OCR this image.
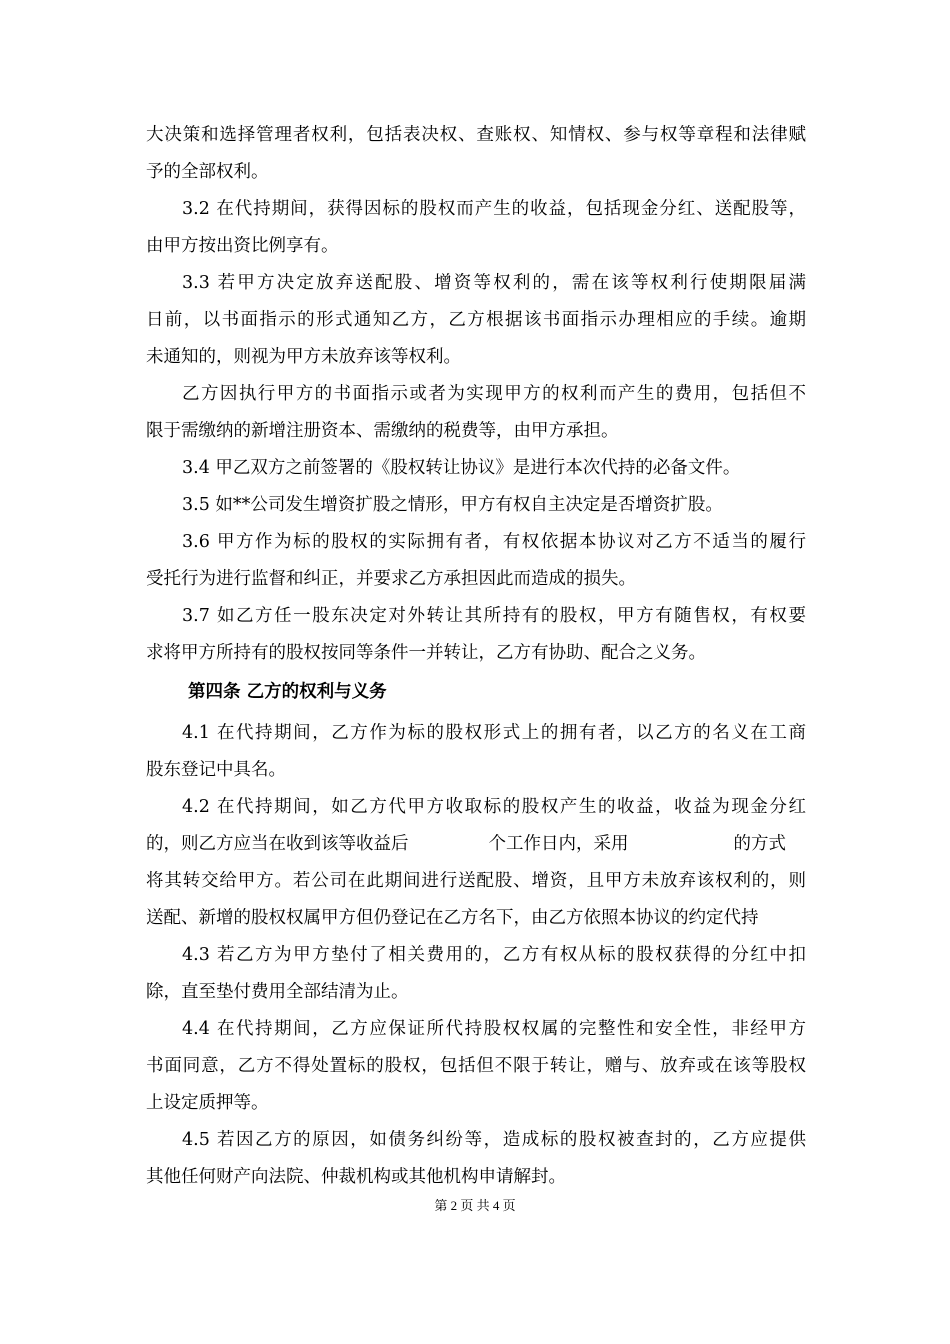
大决策和选择管理者权利，包括表决权、查账权、知情权、参与权等章程和法律赋
予的全部权利。
3.2 在代持期间，获得因标的股权而产生的收益，包括现金分红、送配股等，
由甲方按出资比例享有。
3.3 若甲方决定放弃送配股、增资等权利的，需在该等权利行使期限届满
日前，以书面指示的形式通知乙方，乙方根据该书面指示办理相应的手续。逾期
未通知的，则视为甲方未放弃该等权利。
乙方因执行甲方的书面指示或者为实现甲方的权利而产生的费用，包括但不
限于需缴纳的新增注册资本、需缴纳的税费等，由甲方承担。
3.4 甲乙双方之前签署的《股权转让协议》是进行本次代持的必备文件。
3.5 如**公司发生增资扩股之情形，甲方有权自主决定是否增资扩股。
3.6 甲方作为标的股权的实际拥有者，有权依据本协议对乙方不适当的履行
受托行为进行监督和纠正，并要求乙方承担因此而造成的损失。
3.7 如乙方任一股东决定对外转让其所持有的股权，甲方有随售权，有权要
求将甲方所持有的股权按同等条件一并转让，乙方有协助、配合之义务。
第四条 乙方的权利与义务
4.1 在代持期间，乙方作为标的股权形式上的拥有者，以乙方的名义在工商
股东登记中具名。
4.2 在代持期间，如乙方代甲方收取标的股权产生的收益，收益为现金分红
的，则乙方应当在收到该等收益后	个工作日内，采用	的方式
将其转交给甲方。若公司在此期间进行送配股、增资，且甲方未放弃该权利的，则
送配、新增的股权权属甲方但仍登记在乙方名下，由乙方依照本协议的约定代持
4.3 若乙方为甲方垫付了相关费用的，乙方有权从标的股权获得的分红中扣
除，直至垫付费用全部结清为止。
4.4 在代持期间，乙方应保证所代持股权权属的完整性和安全性，非经甲方
书面同意，乙方不得处置标的股权，包括但不限于转让，赠与、放弃或在该等股权
上设定质押等。
4.5 若因乙方的原因，如债务纠纷等，造成标的股权被查封的，乙方应提供
其他任何财产向法院、仲裁机构或其他机构申请解封。
第 2 页 共 4 页
